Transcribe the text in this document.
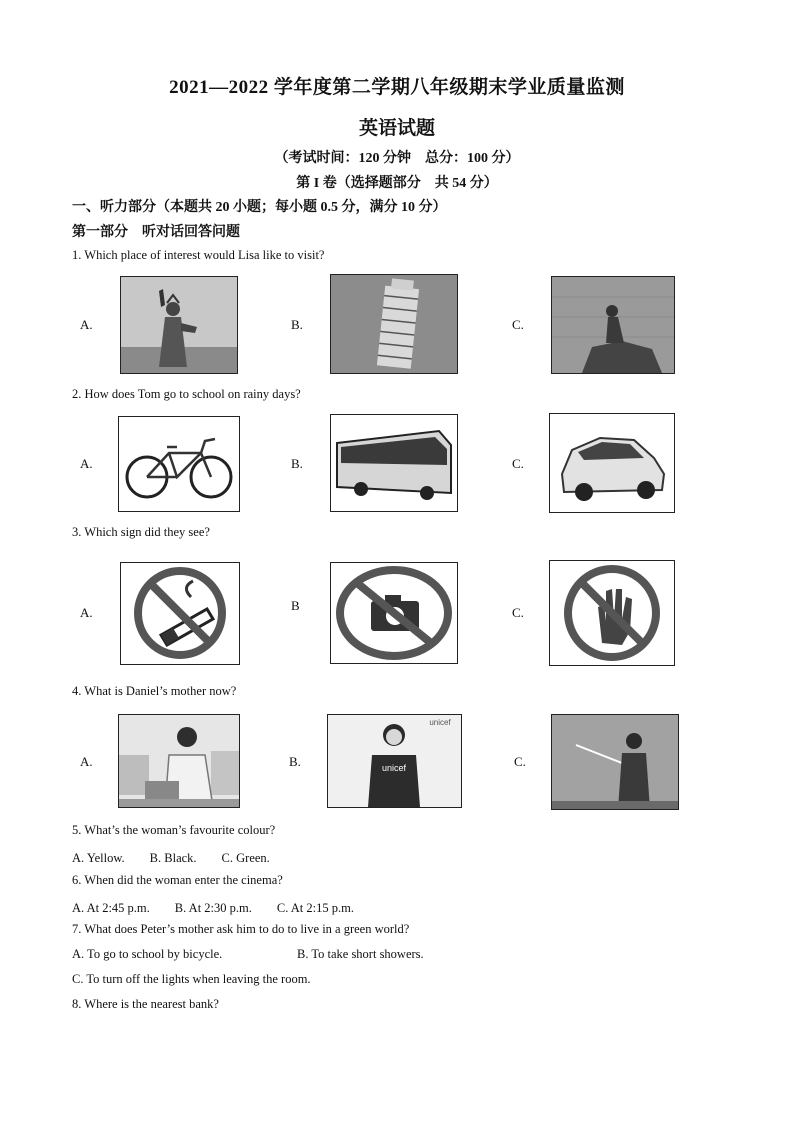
2021—2022 学年度第二学期八年级期末学业质量监测
英语试题
（考试时间：120 分钟　总分：100 分）
第 I 卷（选择题部分　共 54 分）
一、听力部分（本题共 20 小题；每小题 0.5 分，满分 10 分）
第一部分　听对话回答问题
1. Which place of interest would Lisa like to visit?
A.	B.	C.
2. How does Tom go to school on rainy days?
A.	B.	C.
3. Which sign did they see?
A.	B	C.
4. What is Daniel’s mother now?
A.	B.	unicef
unicef
C.
5. What’s the woman’s favourite colour?
A. Yellow.　　B. Black.　　C. Green.
6. When did the woman enter the cinema?
A. At 2:45 p.m.　　B. At 2:30 p.m.　　C. At 2:15 p.m.
7. What does Peter’s mother ask him to do to live in a green world?
A. To go to school by bicycle.	B. To take short showers.
C. To turn off the lights when leaving the room.
8. Where is the nearest bank?
